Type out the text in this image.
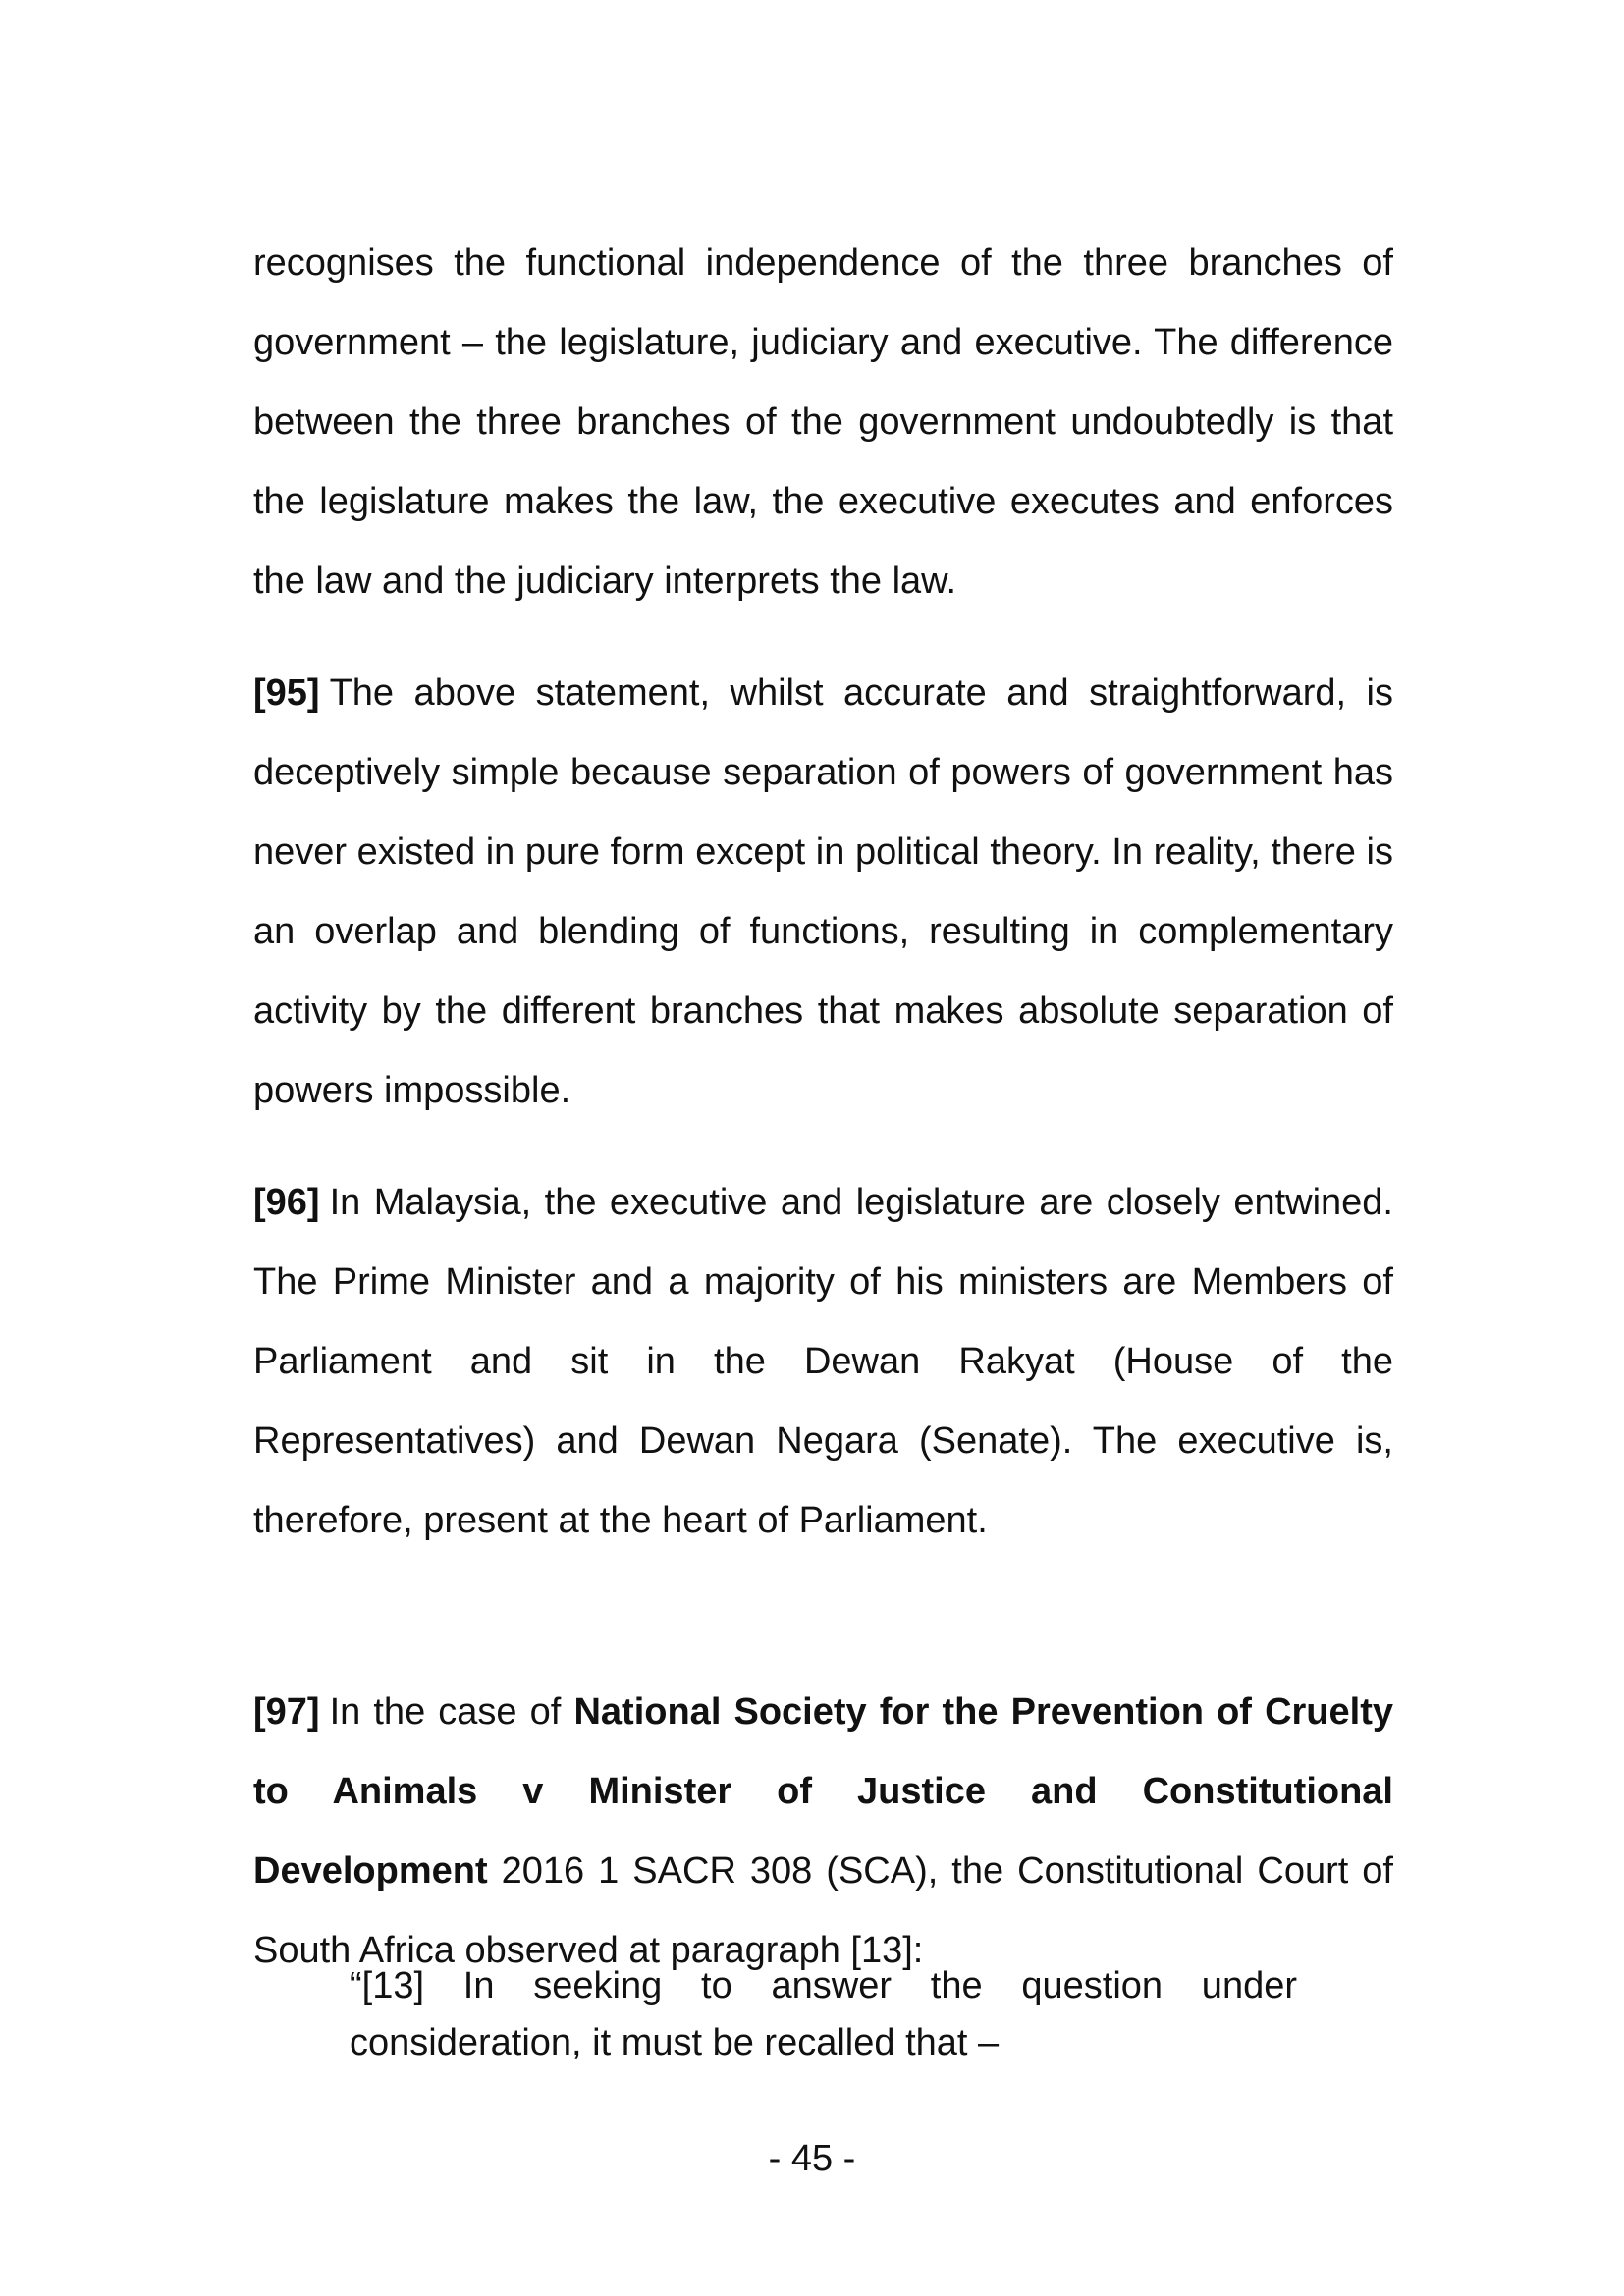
recognises the functional independence of the three branches of government – the legislature, judiciary and executive. The difference between the three branches of the government undoubtedly is that the legislature makes the law, the executive executes and enforces the law and the judiciary interprets the law.

[95] The above statement, whilst accurate and straightforward, is deceptively simple because separation of powers of government has never existed in pure form except in political theory. In reality, there is an overlap and blending of functions, resulting in complementary activity by the different branches that makes absolute separation of powers impossible.

[96] In Malaysia, the executive and legislature are closely entwined. The Prime Minister and a majority of his ministers are Members of Parliament and sit in the Dewan Rakyat (House of the Representatives) and Dewan Negara (Senate). The executive is, therefore, present at the heart of Parliament.

[97] In the case of National Society for the Prevention of Cruelty to Animals v Minister of Justice and Constitutional Development 2016 1 SACR 308 (SCA), the Constitutional Court of South Africa observed at paragraph [13]:

“[13] In seeking to answer the question under consideration, it must be recalled that –

- 45 -
